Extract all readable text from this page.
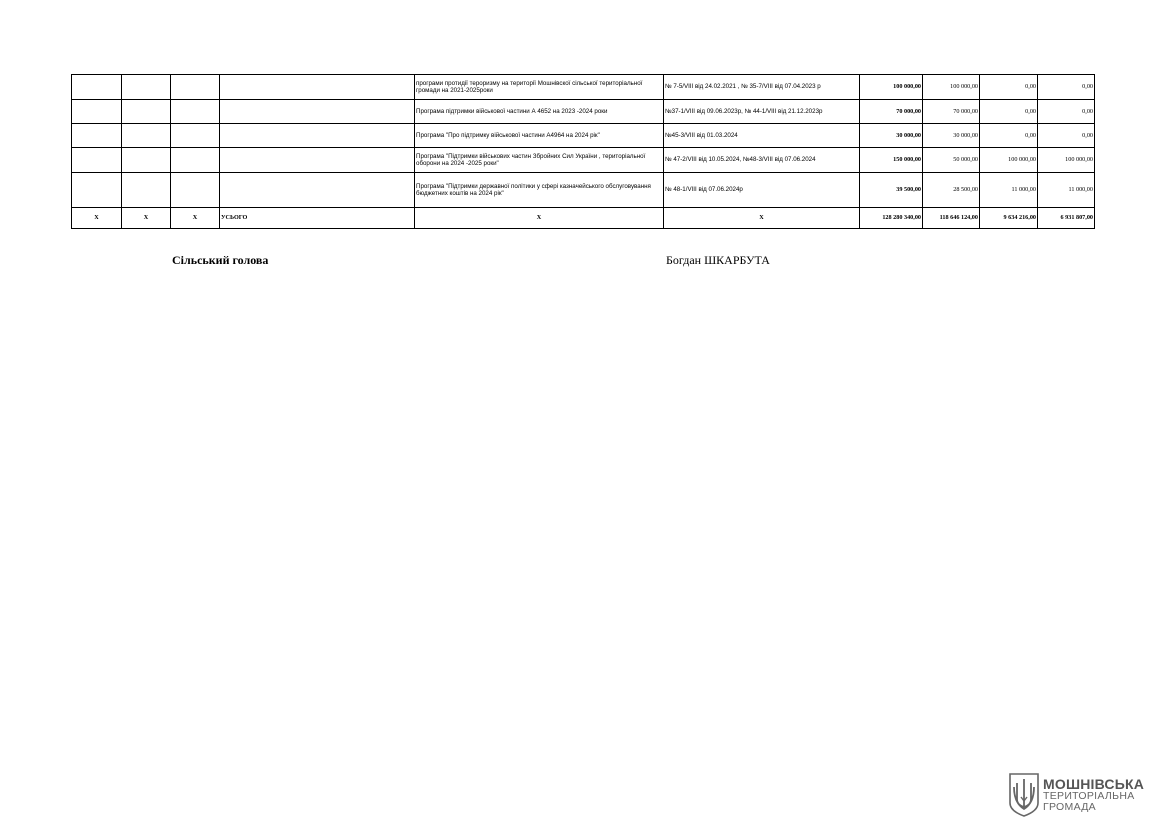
				програми протидії тероризму на території Мошнівскої сільської територіальної громади на 2021-2025роки	№ 7-5/VIII від 24.02.2021 , № 35-7/VIII від 07.04.2023 р	100 000,00	100 000,00	0,00	0,00
				Програма підтримки військової частини А 4652 на 2023 -2024 роки	№37-1/VIII від 09.06.2023р, № 44-1/VIII від 21.12.2023р	70 000,00	70 000,00	0,00	0,00
				Програма "Про підтримку військової частини А4964 на 2024 рік"	№45-3/VIII від 01.03.2024	30 000,00	30 000,00	0,00	0,00
				Програма "Підтримки військових частин Збройних Сил України , територіальної оборони на 2024 -2025 роки"	№ 47-2/VIII від 10.05.2024, №48-3/VIII від 07.06.2024	150 000,00	50 000,00	100 000,00	100 000,00
				Програма "Підтримки державної політики у сфері казначейського обслуговування бюджетних коштів на 2024 рік"	№ 48-1/VIII від 07.06.2024р	39 500,00	28 500,00	11 000,00	11 000,00
X	X	X	УСЬОГО	X	X	128 280 340,00	118 646 124,00	9 634 216,00	6 931 807,00
Сільський голова	Богдан ШКАРБУТА
МОШНІВСЬКА
ТЕРИТОРІАЛЬНА
ГРОМАДА
